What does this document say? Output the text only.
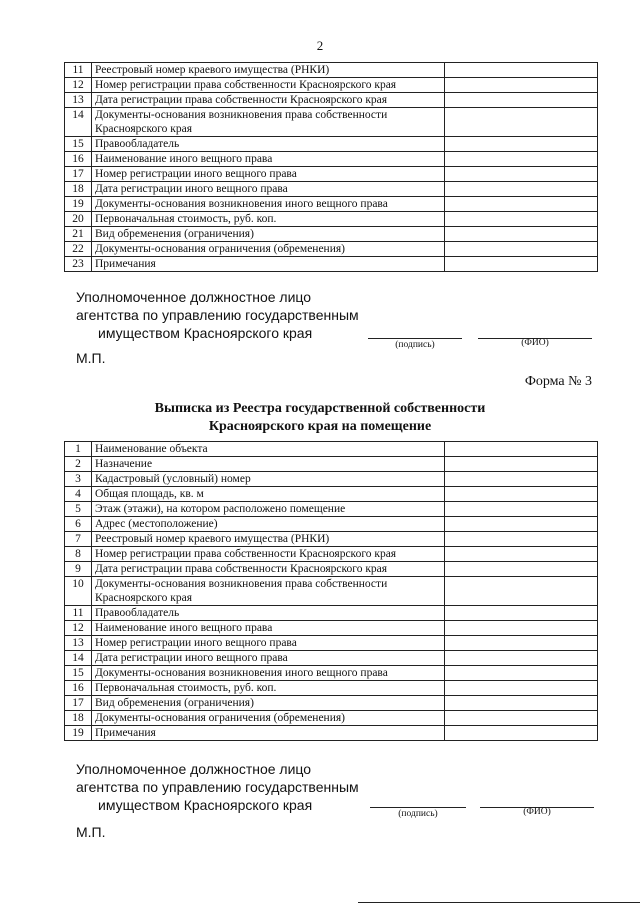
2
11	Реестровый номер краевого имущества (РНКИ)	
12	Номер регистрации права собственности Красноярского края	
13	Дата регистрации права собственности Красноярского края	
14	Документы-основания возникновения права собственности Красноярского края	
15	Правообладатель	
16	Наименование иного вещного права	
17	Номер регистрации иного вещного права	
18	Дата регистрации иного вещного права	
19	Документы-основания возникновения иного вещного права	
20	Первоначальная стоимость, руб. коп.	
21	Вид обременения (ограничения)	
22	Документы-основания ограничения (обременения)	
23	Примечания	
Уполномоченное должностное лицо
агентства по управлению государственным
имуществом Красноярского края
(подпись)	(ФИО)
М.П.
Форма № 3
Выписка из Реестра государственной собственности
Красноярского края на помещение
1	Наименование объекта	
2	Назначение	
3	Кадастровый (условный) номер	
4	Общая площадь, кв. м	
5	Этаж (этажи), на котором расположено помещение	
6	Адрес (местоположение)	
7	Реестровый номер краевого имущества (РНКИ)	
8	Номер регистрации права собственности Красноярского края	
9	Дата регистрации права собственности Красноярского края	
10	Документы-основания возникновения права собственности Красноярского края	
11	Правообладатель	
12	Наименование иного вещного права	
13	Номер регистрации иного вещного права	
14	Дата регистрации иного вещного права	
15	Документы-основания возникновения иного вещного права	
16	Первоначальная стоимость, руб. коп.	
17	Вид обременения (ограничения)	
18	Документы-основания ограничения (обременения)	
19	Примечания	
Уполномоченное должностное лицо
агентства по управлению государственным
имуществом Красноярского края
(подпись)	(ФИО)
М.П.
